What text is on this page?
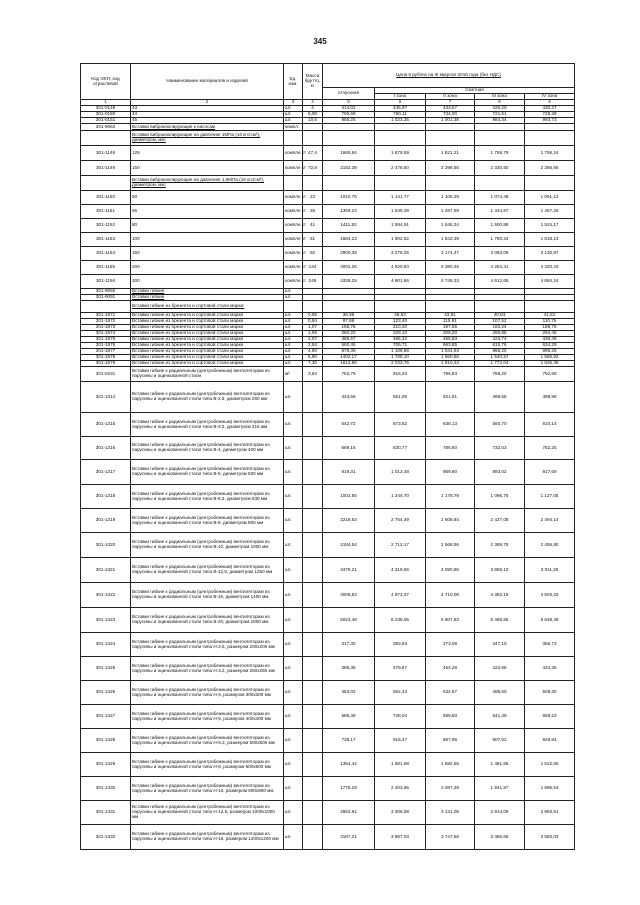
345
Код ОКП, код отраслевой	Наименование материалов и изделий	Ед. изм.	Масса брутто, кг	Цена в рублях на III квартал 2016 года (без НДС)				
				отпускная	Сметная			
					I зона	II зона	III зона	IV зона
1	2	3	4	5	6	7	8	9
301-0149	43	шт.	4	414,02	445,97	433,57	426,20	430,27
301-0150	44	шт.	6,08	700,69	750,11	734,00	721,51	728,38
301-0151	45	шт.	10,6	956,25	1 023,35	1 001,38	984,34	993,73
301-9063	Вставки виброизолирующие к насосам	компл.						
	Вставки виброизолирующие на давление 1МПа (10 кгс/см²), диаметром, мм:							
301-1148	125	компле кт	47,4	1665,94	1 879,59	1 821,21	1 768,79	1 796,24
301-1149	150	компле кт	72,8	2182,39	2 478,50	2 399,55	2 330,50	2 366,66
	Вставки виброизолирующие на давление 1,6МПа (16 кгс/см²), диаметром, мм:							
301-1150	50	компле кт	23	1010,76	1 141,77	1 106,29	1 074,48	1 091,13
301-1151	65	компле кт	35	1359,24	1 535,39	1 487,69	1 444,87	1 467,26
301-1152	80	компле кт	41	1411,92	1 594,91	1 545,34	1 500,88	1 524,17
301-1153	100	компле кт	51	1684,23	1 902,52	1 843,39	1 790,34	1 818,13
301-1154	150	компле кт	92	2900,39	3 278,25	3 174,47	3 083,09	3 130,97
301-1155	200	компле кт	134	4002,26	4 520,94	4 380,46	4 254,41	4 320,43
301-1156	300	компле кт	249	4339,29	4 901,66	4 749,33	4 612,65	4 684,24
301-9092	Вставки гибкие	шт.						
301-9091	Вставки гибкие	шт.						
	Вставки гибкие из брезента и сортовой стали марки:							
301-1871	Вставки гибкие из брезента и сортовой стали марки	шт.	0,58	36,95	46,63	43,81	40,83	41,81
301-1872	Вставки гибкие из брезента и сортовой стали марки	шт.	0,84	97,86	123,40	115,91	107,52	110,75
301-1873	Вставки гибкие из брезента и сортовой стали марки	шт.	1,07	166,78	210,30	197,55	183,24	188,76
301-1874	Вставки гибкие из брезента и сортовой стали марки	шт.	1,59	260,20	328,10	308,20	285,88	294,48
301-1875	Вставки гибкие из брезента и сортовой стали марки	шт.	2,07	385,67	486,32	456,83	423,74	436,49
301-1876	Вставки гибкие из брезента и сортовой стали марки	шт.	2,64	560,45	706,71	663,85	615,76	634,29
301-1877	Вставки гибкие из брезента и сортовой стали марки	шт.	4,60	879,39	1 108,88	1 041,64	966,20	995,26
301-1878	Вставки гибкие из брезента и сортовой стали марки	шт.	5,80	1402,17	1 768,10	1 660,86	1 540,57	1 586,92
301-1879	Вставки гибкие из брезента и сортовой стали марки	шт.	7,30	1612,86	2 033,76	1 910,43	1 772,04	1 825,36
301-0231	Вставки гибкие к радиальным (центробежным) вентиляторам из парусины и оцинкованной стали	м²	3,64	752,79	916,33	796,83	788,20	792,68
301-1314	Вставки гибкие к радиальным (центробежным) вентиляторам из парусины и оцинкованной стали типа В-2,5, диаметром 250 мм	шт.		443,66	551,06	521,91	495,56	498,96
301-1315	Вставки гибкие к радиальным (центробежным) вентиляторам из парусины и оцинкованной стали типа В-3,2, диаметром 315 мм	шт.		542,72	673,62	638,13	593,70	610,14
301-1316	Вставки гибкие к радиальным (центробежным) вентиляторам из парусины и оцинкованной стали типа В-4, диаметром 400 мм	шт.		669,15	830,77	786,60	732,03	752,25
301-1317	Вставки гибкие к радиальным (центробежным) вентиляторам из парусины и оцинкованной стали типа В-5, диаметром 500 мм	шт.		816,31	1 013,48	959,60	893,02	917,69
301-1318	Вставки гибкие к радиальным (центробежным) вентиляторам из парусины и оцинкованной стали типа В-6,3, диаметром 630 мм	шт.		1002,55	1 244,70	1 178,79	1 096,75	1 127,05
301-1319	Вставки гибкие к радиальным (центробежным) вентиляторам из парусины и оцинкованной стали типа В-8, диаметром 800 мм	шт.		2218,63	2 754,49	2 608,84	2 427,08	2 494,14
301-1320	Вставки гибкие к радиальным (центробежным) вентиляторам из парусины и оцинкованной стали типа В-10, диаметром 1000 мм	шт.		2184,54	2 712,17	2 568,56	2 389,78	2 455,80
301-1321	Вставки гибкие к радиальным (центробежным) вентиляторам из парусины и оцинкованной стали типа В-12,5, диаметром 1250 мм	шт.		3479,21	4 319,56	4 090,86	3 806,10	3 911,30
301-1322	Вставки гибкие к радиальным (центробежным) вентиляторам из парусины и оцинкованной стали типа В-16, диаметром 1400 мм	шт.		4005,83	4 973,37	4 710,08	4 382,19	4 503,33
301-1323	Вставки гибкие к радиальным (центробежным) вентиляторам из парусины и оцинкованной стали типа В-20, диаметром 1800 мм	шт.		5024,48	6 238,06	5 907,83	5 496,55	5 648,49
301-1324	Вставки гибкие к радиальным (центробежным) вентиляторам из парусины и оцинкованной стали типа Н-2,5, размером 200x200 мм	шт.		317,30	393,93	373,08	347,10	356,73
301-1325	Вставки гибкие к радиальным (центробежным) вентиляторам из парусины и оцинкованной стали типа Н-3,2, размером 250x250 мм	шт.		386,36	479,67	454,28	422,66	434,36
301-1326	Вставки гибкие к радиальным (центробежным) вентиляторам из парусины и оцинкованной стали типа Н-4, размером 300x300 мм	шт.		453,02	562,43	532,67	495,60	509,30
301-1327	Вставки гибкие к радиальным (центробежным) вентиляторам из парусины и оцинкованной стали типа Н-5, размером 400x400 мм	шт.		586,39	728,04	689,50	641,49	659,23
301-1328	Вставки гибкие к радиальным (центробежным) вентиляторам из парусины и оцинкованной стали типа Н-6,3, размером 500x500 мм	шт.		738,17	916,47	867,96	807,52	829,84
301-1329	Вставки гибкие к радиальным (центробежным) вентиляторам из парусины и оцинкованной стали типа Н-8, размером 600x600 мм	шт.		1354,44	1 681,58	1 592,56	1 481,66	1 522,66
301-1330	Вставки гибкие к радиальным (центробежным) вентиляторам из парусины и оцинкованной стали типа Н-10, размером 800x800 мм	шт.		1775,19	2 203,96	2 087,28	1 941,97	1 995,64
301-1331	Вставки гибкие к радиальным (центробежным) вентиляторам из парусины и оцинкованной стали типа Н-12,5, размером 1000x1000 мм	шт.		2662,91	3 306,08	3 131,08	2 913,09	2 993,61
301-1332	Вставки гибкие к радиальным (центробежным) вентиляторам из парусины и оцинкованной стали типа Н-16, размером 1200x1200 мм	шт.		3187,21	3 957,03	3 747,56	3 486,65	3 583,03
